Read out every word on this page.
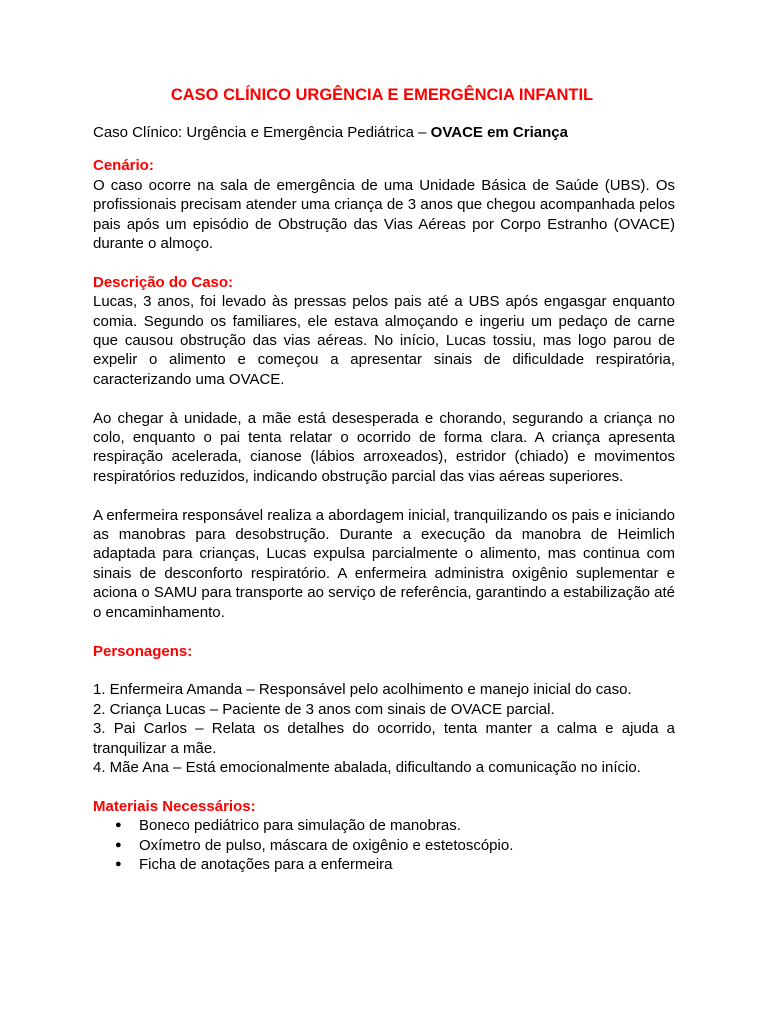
CASO CLÍNICO URGÊNCIA E EMERGÊNCIA INFANTIL
Caso Clínico: Urgência e Emergência Pediátrica – OVACE em Criança
Cenário:

O caso ocorre na sala de emergência de uma Unidade Básica de Saúde (UBS). Os profissionais precisam atender uma criança de 3 anos que chegou acompanhada pelos pais após um episódio de Obstrução das Vias Aéreas por Corpo Estranho (OVACE) durante o almoço.

Descrição do Caso:

Lucas, 3 anos, foi levado às pressas pelos pais até a UBS após engasgar enquanto comia. Segundo os familiares, ele estava almoçando e ingeriu um pedaço de carne que causou obstrução das vias aéreas. No início, Lucas tossiu, mas logo parou de expelir o alimento e começou a apresentar sinais de dificuldade respiratória, caracterizando uma OVACE.

Ao chegar à unidade, a mãe está desesperada e chorando, segurando a criança no colo, enquanto o pai tenta relatar o ocorrido de forma clara. A criança apresenta respiração acelerada, cianose (lábios arroxeados), estridor (chiado) e movimentos respiratórios reduzidos, indicando obstrução parcial das vias aéreas superiores.

A enfermeira responsável realiza a abordagem inicial, tranquilizando os pais e iniciando as manobras para desobstrução. Durante a execução da manobra de Heimlich adaptada para crianças, Lucas expulsa parcialmente o alimento, mas continua com sinais de desconforto respiratório. A enfermeira administra oxigênio suplementar e aciona o SAMU para transporte ao serviço de referência, garantindo a estabilização até o encaminhamento.

Personagens:

1. Enfermeira Amanda – Responsável pelo acolhimento e manejo inicial do caso.

2. Criança Lucas – Paciente de 3 anos com sinais de OVACE parcial.

3. Pai Carlos – Relata os detalhes do ocorrido, tenta manter a calma e ajuda a tranquilizar a mãe.

4. Mãe Ana – Está emocionalmente abalada, dificultando a comunicação no início.

Materiais Necessários:
● Boneco pediátrico para simulação de manobras.
● Oxímetro de pulso, máscara de oxigênio e estetoscópio.
● Ficha de anotações para a enfermeira
